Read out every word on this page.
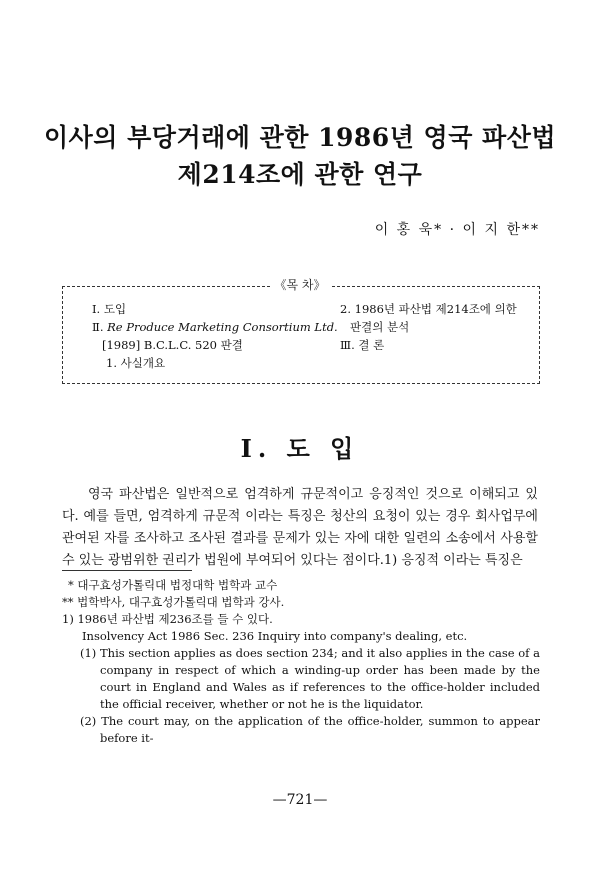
이사의 부당거래에 관한 1986년 영국 파산법
제214조에 관한 연구
이 홍 욱* · 이 지 한**
《목 차》
Ⅰ. 도입
Ⅱ. Re Produce Marketing Consortium Ltd.
[1989] B.C.L.C. 520 판결
1. 사실개요
2. 1986년 파산법 제214조에 의한
판결의 분석
Ⅲ. 결 론
Ⅰ. 도 입
영국 파산법은 일반적으로 엄격하게 규문적이고 응징적인 것으로 이해되고 있다. 예를 들면, 엄격하게 규문적 이라는 특징은 청산의 요청이 있는 경우 회사업무에 관여된 자를 조사하고 조사된 결과를 문제가 있는 자에 대한 일련의 소송에서 사용할 수 있는 광범위한 권리가 법원에 부여되어 있다는 점이다.1) 응징적 이라는 특징은
* 대구효성가톨릭대 법정대학 법학과 교수
** 법학박사, 대구효성가톨릭대 법학과 강사.
1) 1986년 파산법 제236조를 들 수 있다.
Insolvency Act 1986 Sec. 236 Inquiry into company's dealing, etc.
(1) This section applies as does section 234; and it also applies in the case of a company in respect of which a winding-up order has been made by the court in England and Wales as if references to the office-holder included the official receiver, whether or not he is the liquidator.
(2) The court may, on the application of the office-holder, summon to appear before it-
—721—
